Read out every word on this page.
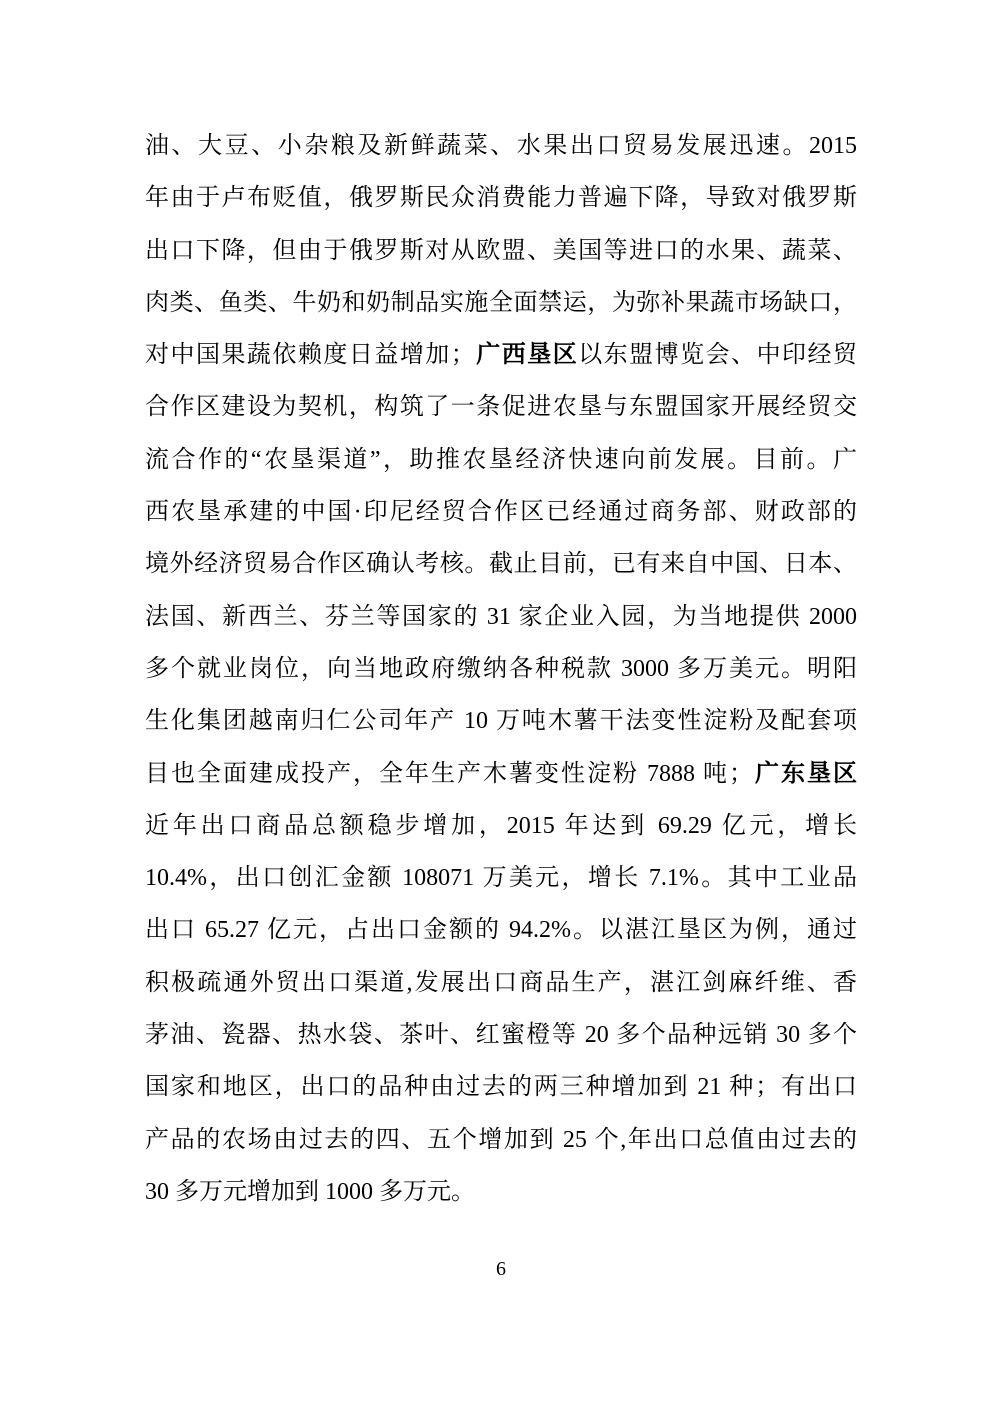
油、大豆、小杂粮及新鲜蔬菜、水果出口贸易发展迅速。2015
年由于卢布贬值，俄罗斯民众消费能力普遍下降，导致对俄罗斯
出口下降，但由于俄罗斯对从欧盟、美国等进口的水果、蔬菜、
肉类、鱼类、牛奶和奶制品实施全面禁运，为弥补果蔬市场缺口，
对中国果蔬依赖度日益增加；广西垦区以东盟博览会、中印经贸
合作区建设为契机，构筑了一条促进农垦与东盟国家开展经贸交
流合作的“农垦渠道”，助推农垦经济快速向前发展。目前。广
西农垦承建的中国·印尼经贸合作区已经通过商务部、财政部的
境外经济贸易合作区确认考核。截止目前，已有来自中国、日本、
法国、新西兰、芬兰等国家的 31 家企业入园，为当地提供 2000
多个就业岗位，向当地政府缴纳各种税款 3000 多万美元。明阳
生化集团越南归仁公司年产 10 万吨木薯干法变性淀粉及配套项
目也全面建成投产，全年生产木薯变性淀粉 7888 吨；广东垦区
近年出口商品总额稳步增加，2015 年达到 69.29 亿元，增长
10.4%，出口创汇金额 108071 万美元，增长 7.1%。其中工业品
出口 65.27 亿元，占出口金额的 94.2%。以湛江垦区为例，通过
积极疏通外贸出口渠道,发展出口商品生产，湛江剑麻纤维、香
茅油、瓷器、热水袋、茶叶、红蜜橙等 20 多个品种远销 30 多个
国家和地区，出口的品种由过去的两三种增加到 21 种；有出口
产品的农场由过去的四、五个增加到 25 个,年出口总值由过去的
30 多万元增加到 1000 多万元。
6
